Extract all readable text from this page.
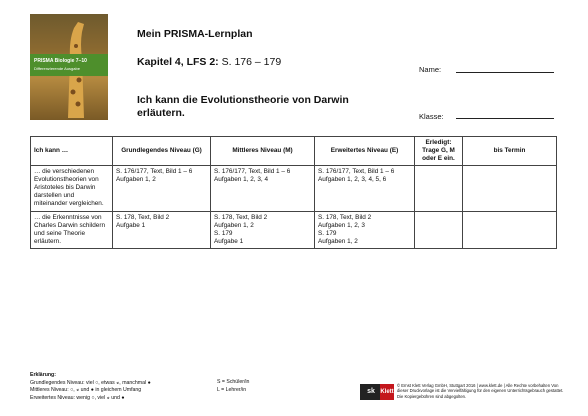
PRISMA Biologie 7–10
Differenzierende Ausgabe
Mein PRISMA-Lernplan
Kapitel 4, LFS 2: S. 176 – 179
Ich kann die Evolutionstheorie von Darwin erläutern.
Name:
Klasse:
Ich kann …	Grundlegendes Niveau (G)	Mittleres Niveau (M)	Erweitertes Niveau (E)	Erledigt:
Trage G, M
oder E ein.	bis Termin

… die verschiedenen
Evolutionstheorien von
Aristoteles bis Darwin
darstellen und
miteinander vergleichen.	S. 176/177, Text, Bild 1 – 6
Aufgaben 1, 2	S. 176/177, Text, Bild 1 – 6
Aufgaben 1, 2, 3, 4	S. 176/177, Text, Bild 1 – 6
Aufgaben 1, 2, 3, 4, 5, 6		

… die Erkenntnisse von
Charles Darwin schildern
und seine Theorie
erläutern.	S. 178, Text, Bild 2
Aufgabe 1	S. 178, Text, Bild 2
Aufgaben 1, 2
S. 179
Aufgabe 1	S. 178, Text, Bild 2
Aufgaben 1, 2, 3
S. 179
Aufgaben 1, 2		

Erklärung:
Grundlegendes Niveau: viel ○, etwas ◒, manchmal ●
Mittleres Niveau: ○, ◒ und ● in gleichem Umfang
Erweitertes Niveau: wenig ○, viel ◒ und ●
S = Schüler/in
L = Lehrer/in	sk Klett
© Ernst Klett Verlag GmbH, Stuttgart 2016 | www.klett.de | Alle Rechte vorbehalten Von dieser Druckvorlage ist die Vervielfältigung für den eigenen Unterrichtsgebrauch gestattet. Die Kopiergebühren sind abgegolten.
